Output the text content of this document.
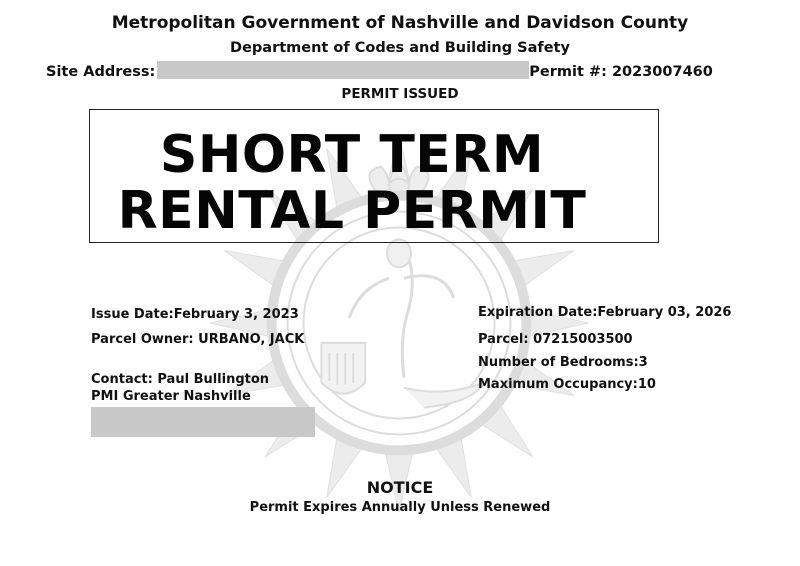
Metropolitan Government of Nashville and Davidson County
Department of Codes and Building Safety
Site Address:	Permit #: 2023007460
PERMIT ISSUED
SHORT TERM
RENTAL PERMIT
Issue Date:February 3, 2023
Parcel Owner: URBANO, JACK
Contact: Paul Bullington
PMI Greater Nashville
Expiration Date:February 03, 2026
Parcel: 07215003500
Number of Bedrooms:3
Maximum Occupancy:10
NOTICE
Permit Expires Annually Unless Renewed
